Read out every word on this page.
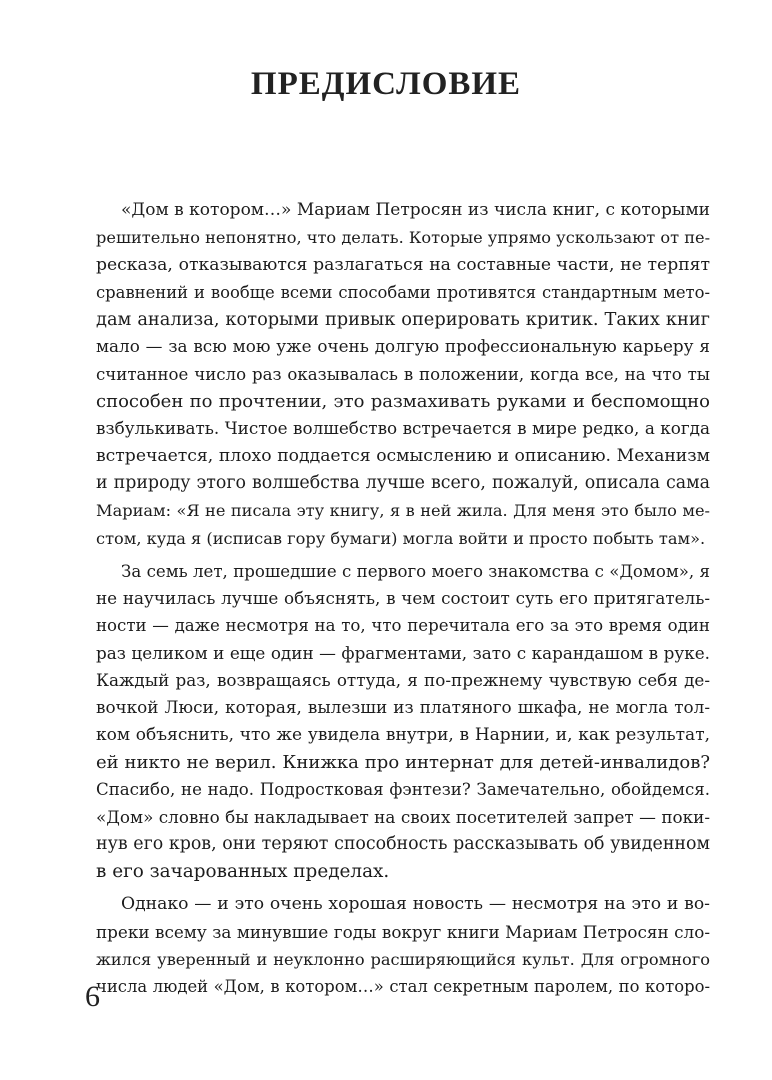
ПРЕДИСЛОВИЕ
«Дом в котором…» Мариам Петросян из числа книг, с которыми
решительно непонятно, что делать. Которые упрямо ускользают от пе-
ресказа, отказываются разлагаться на составные части, не терпят
сравнений и вообще всеми способами противятся стандартным мето-
дам анализа, которыми привык оперировать критик. Таких книг
мало — за всю мою уже очень долгую профессиональную карьеру я
считанное число раз оказывалась в положении, когда все, на что ты
способен по прочтении, это размахивать руками и беспомощно
взбулькивать. Чистое волшебство встречается в мире редко, а когда
встречается, плохо поддается осмыслению и описанию. Механизм
и природу этого волшебства лучше всего, пожалуй, описала сама
Мариам: «Я не писала эту книгу, я в ней жила. Для меня это было ме-
стом, куда я (исписав гору бумаги) могла войти и просто побыть там».
За семь лет, прошедшие с первого моего знакомства с «Домом», я
не научилась лучше объяснять, в чем состоит суть его притягатель-
ности — даже несмотря на то, что перечитала его за это время один
раз целиком и еще один — фрагментами, зато с карандашом в руке.
Каждый раз, возвращаясь оттуда, я по-прежнему чувствую себя де-
вочкой Люси, которая, вылезши из платяного шкафа, не могла тол-
ком объяснить, что же увидела внутри, в Нарнии, и, как результат,
ей никто не верил. Книжка про интернат для детей-инвалидов?
Спасибо, не надо. Подростковая фэнтези? Замечательно, обойдемся.
«Дом» словно бы накладывает на своих посетителей запрет — поки-
нув его кров, они теряют способность рассказывать об увиденном
в его зачарованных пределах.
Однако — и это очень хорошая новость — несмотря на это и во-
преки всему за минувшие годы вокруг книги Мариам Петросян сло-
жился уверенный и неуклонно расширяющийся культ. Для огромного
числа людей «Дом, в котором…» стал секретным паролем, по которо-
6
